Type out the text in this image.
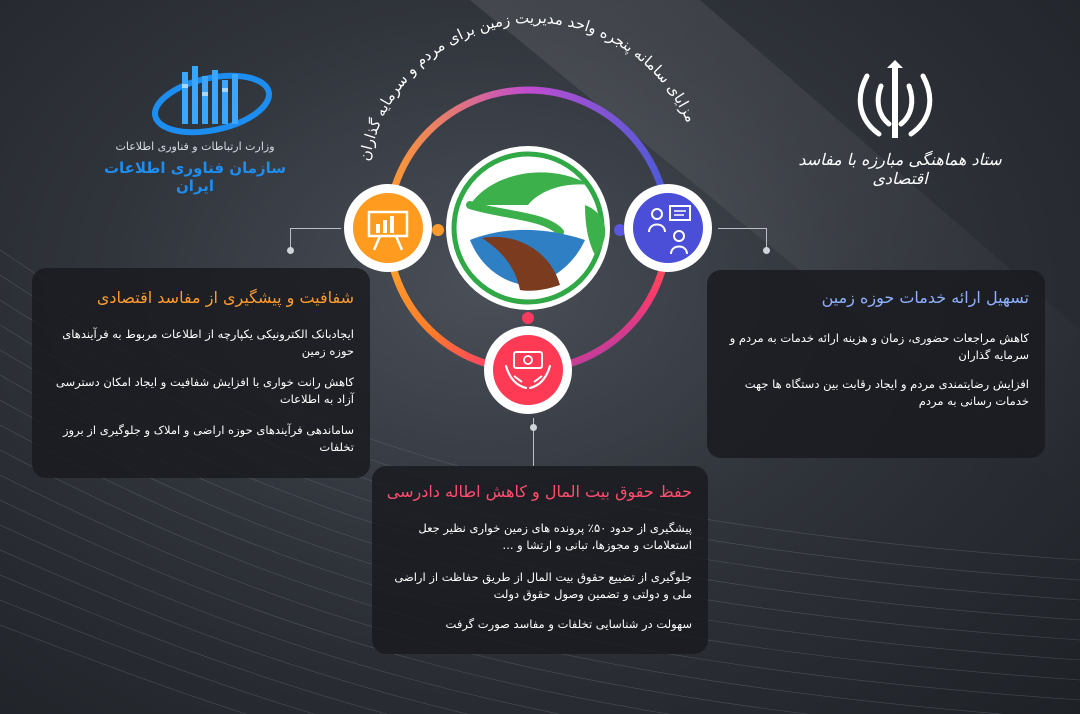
وزارت ارتباطات و فناوری اطلاعات
سازمان فناوری اطلاعات ایران
ستاد هماهنگی مبارزه با مفاسد اقتصادی
مزایای سامانه پنجره واحد مدیریت زمین برای مردم و سرمایه گذاران
شفافیت و پیشگیری از مفاسد اقتصادی

ایجادبانک الکترونیکی یکپارچه از اطلاعات مربوط به فرآیندهای حوزه زمین

کاهش رانت خواری با افزایش شفافیت و ایجاد امکان دسترسی آزاد به اطلاعات

ساماندهی فرآیندهای حوزه اراضی و املاک و جلوگیری از بروز تخلفات

تسهیل ارائه خدمات حوزه زمین

کاهش مراجعات حضوری، زمان و هزینه ارائه خدمات به مردم و سرمایه گذاران

افزایش رضایتمندی مردم و ایجاد رقابت بین دستگاه ها جهت خدمات رسانی به مردم

حفظ حقوق بیت المال و کاهش اطاله دادرسی

پیشگیری از حدود ۵۰٪ پرونده های زمین خواری نظیر جعل استعلامات و مجوزها، تبانی و ارتشا و ...

جلوگیری از تضییع حقوق بیت المال از طریق حفاظت از اراضی ملی و دولتی و تضمین وصول حقوق دولت

سهولت در شناسایی تخلفات و مفاسد صورت گرفت
